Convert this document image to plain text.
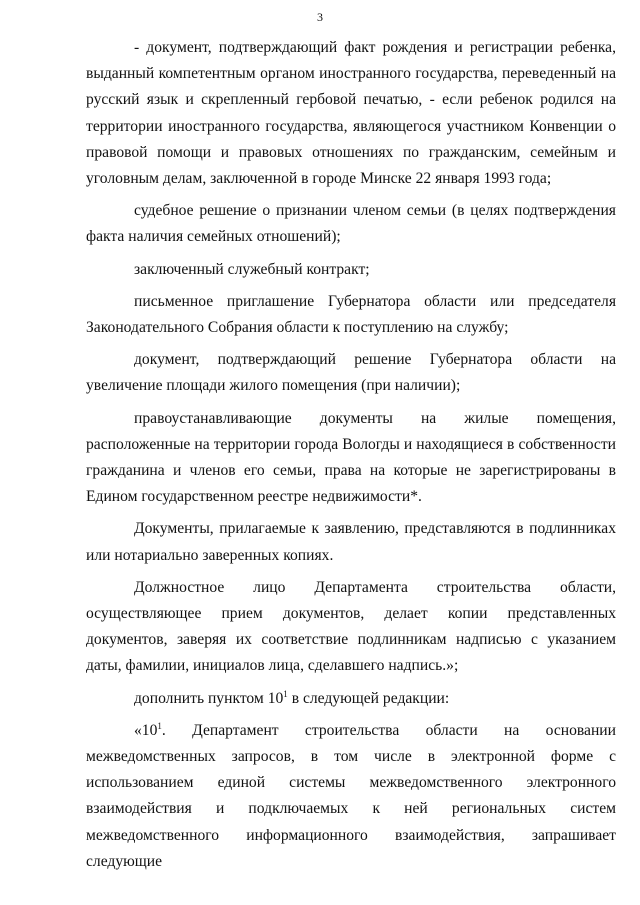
3

- документ, подтверждающий факт рождения и регистрации ребенка, выданный компетентным органом иностранного государства, переведенный на русский язык и скрепленный гербовой печатью, - если ребенок родился на территории иностранного государства, являющегося участником Конвенции о правовой помощи и правовых отношениях по гражданским, семейным и уголовным делам, заключенной в городе Минске 22 января 1993 года;

судебное решение о признании членом семьи (в целях подтверждения факта наличия семейных отношений);

заключенный служебный контракт;

письменное приглашение Губернатора области или председателя Законодательного Собрания области к поступлению на службу;

документ, подтверждающий решение Губернатора области на увеличение площади жилого помещения (при наличии);

правоустанавливающие документы на жилые помещения, расположенные на территории города Вологды и находящиеся в собственности гражданина и членов его семьи, права на которые не зарегистрированы в Едином государственном реестре недвижимости*.

Документы, прилагаемые к заявлению, представляются в подлинниках или нотариально заверенных копиях.

Должностное лицо Департамента строительства области, осуществляющее прием документов, делает копии представленных документов, заверяя их соответствие подлинникам надписью с указанием даты, фамилии, инициалов лица, сделавшего надпись.»;

дополнить пунктом $10^1$ в следующей редакции:

«$10^1$. Департамент строительства области на основании межведомственных запросов, в том числе в электронной форме с использованием единой системы межведомственного электронного взаимодействия и подключаемых к ней региональных систем межведомственного информационного взаимодействия, запрашивает следующие
